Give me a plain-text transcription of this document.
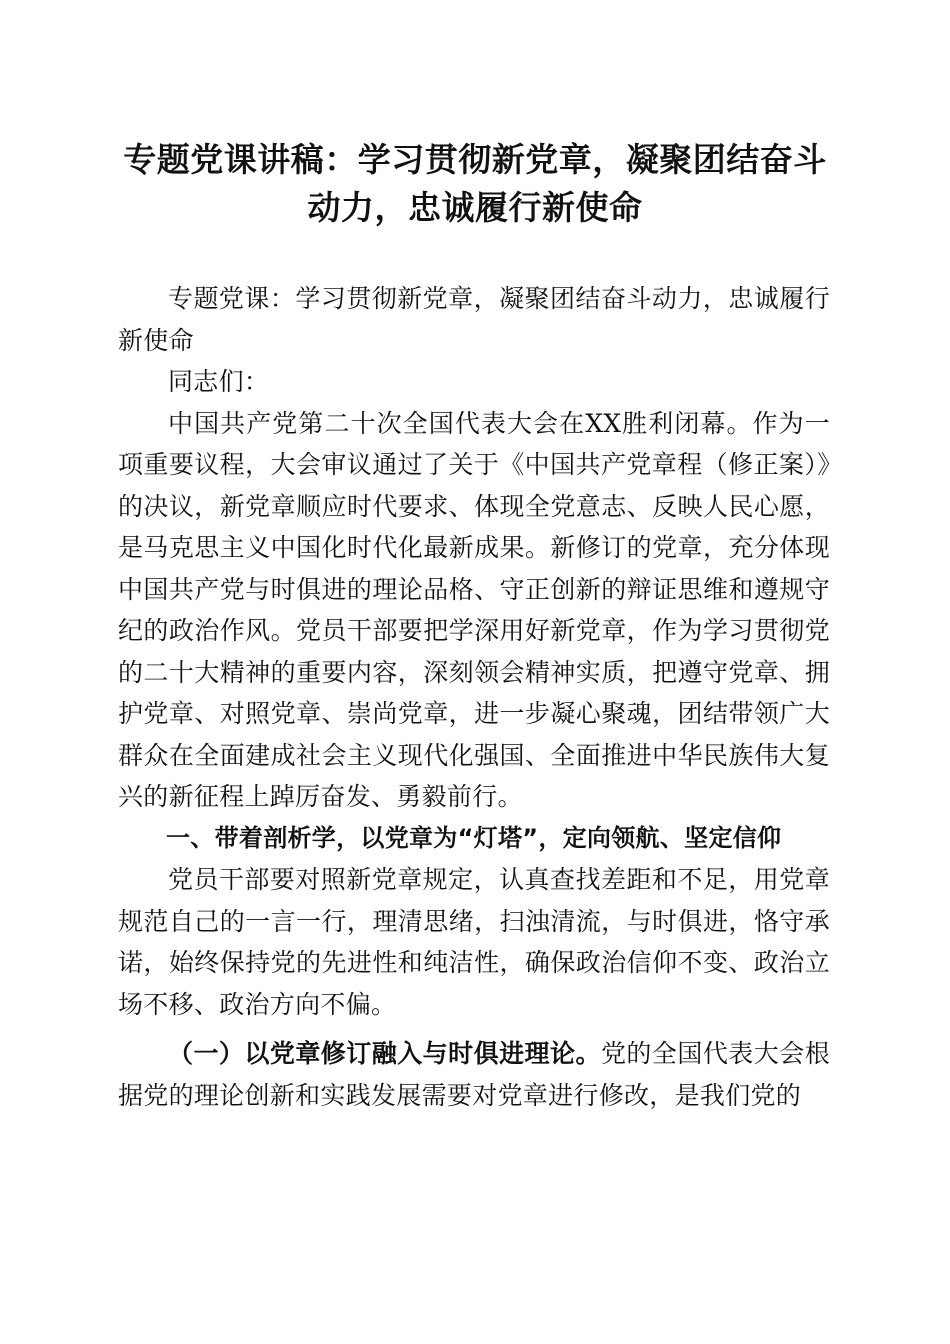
专题党课讲稿：学习贯彻新党章，凝聚团结奋斗动力，忠诚履行新使命

专题党课：学习贯彻新党章，凝聚团结奋斗动力，忠诚履行新使命

同志们：

中国共产党第二十次全国代表大会在XX胜利闭幕。作为一项重要议程，大会审议通过了关于《中国共产党章程（修正案）》的决议，新党章顺应时代要求、体现全党意志、反映人民心愿，是马克思主义中国化时代化最新成果。新修订的党章，充分体现中国共产党与时俱进的理论品格、守正创新的辩证思维和遵规守纪的政治作风。党员干部要把学深用好新党章，作为学习贯彻党的二十大精神的重要内容，深刻领会精神实质，把遵守党章、拥护党章、对照党章、崇尚党章，进一步凝心聚魂，团结带领广大群众在全面建成社会主义现代化强国、全面推进中华民族伟大复兴的新征程上踔厉奋发、勇毅前行。

一、带着剖析学，以党章为“灯塔”，定向领航、坚定信仰

党员干部要对照新党章规定，认真查找差距和不足，用党章规范自己的一言一行，理清思绪，扫浊清流，与时俱进，恪守承诺，始终保持党的先进性和纯洁性，确保政治信仰不变、政治立场不移、政治方向不偏。

（一）以党章修订融入与时俱进理论。党的全国代表大会根据党的理论创新和实践发展需要对党章进行修改，是我们党的
